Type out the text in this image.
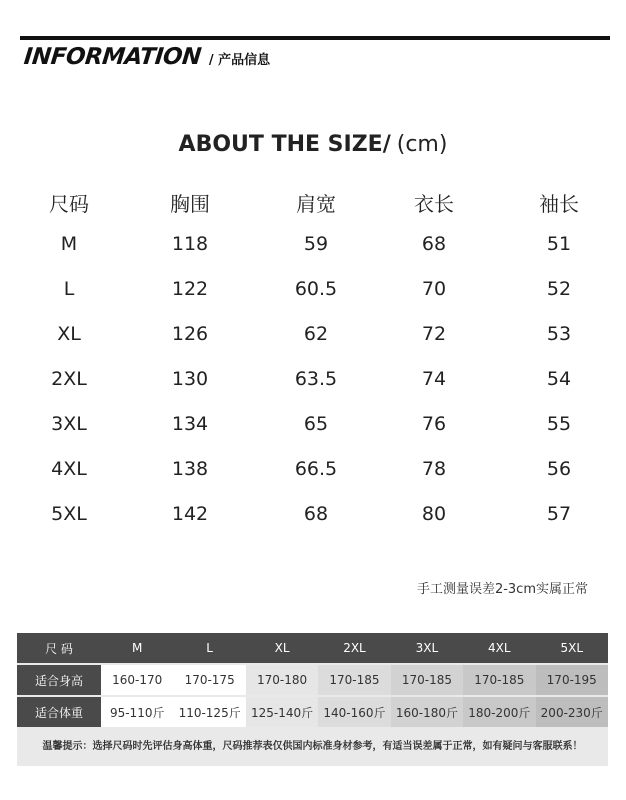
INFORMATION / 产品信息
ABOUT THE SIZE/ (cm)
尺码	胸围	肩宽	衣长	袖长
M	118	59	68	51
L	122	60.5	70	52
XL	126	62	72	53
2XL	130	63.5	74	54
3XL	134	65	76	55
4XL	138	66.5	78	56
5XL	142	68	80	57
手工测量误差2-3cm实属正常
尺 码	M	L	XL	2XL	3XL	4XL	5XL
适合身高	160-170	170-175	170-180	170-185	170-185	170-185	170-195
适合体重	95-110斤	110-125斤 125-140斤 140-160斤 160-180斤 180-200斤 200-230斤
温馨提示：选择尺码时先评估身高体重，尺码推荐表仅供国内标准身材参考，有适当误差属于正常，如有疑问与客服联系！
